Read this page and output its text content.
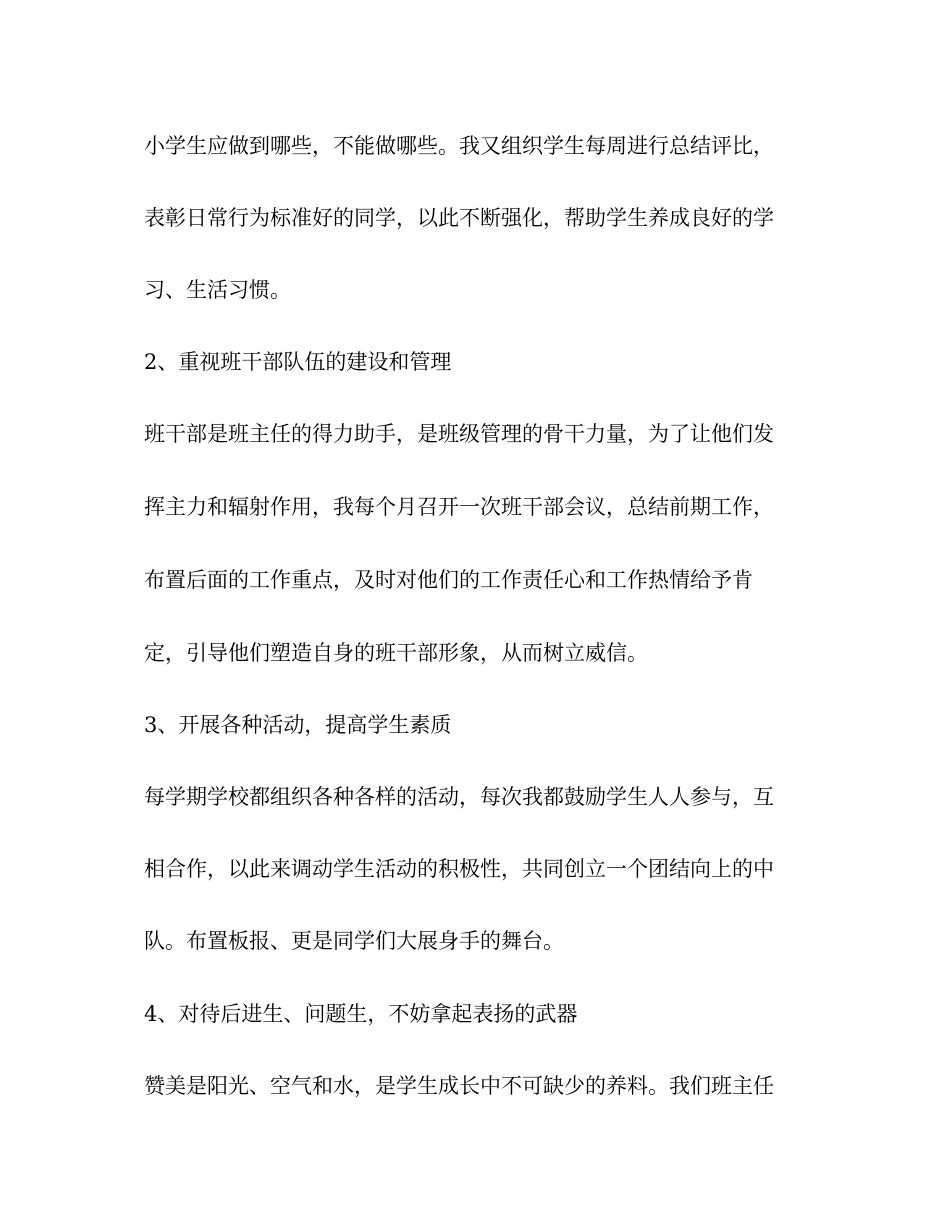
小学生应做到哪些，不能做哪些。我又组织学生每周进行总结评比，

表彰日常行为标准好的同学，以此不断强化，帮助学生养成良好的学

习、生活习惯。

2、重视班干部队伍的建设和管理

班干部是班主任的得力助手，是班级管理的骨干力量，为了让他们发

挥主力和辐射作用，我每个月召开一次班干部会议，总结前期工作，

布置后面的工作重点，及时对他们的工作责任心和工作热情给予肯

定，引导他们塑造自身的班干部形象，从而树立威信。

3、开展各种活动，提高学生素质

每学期学校都组织各种各样的活动，每次我都鼓励学生人人参与，互

相合作，以此来调动学生活动的积极性，共同创立一个团结向上的中

队。布置板报、更是同学们大展身手的舞台。

4、对待后进生、问题生，不妨拿起表扬的武器

赞美是阳光、空气和水，是学生成长中不可缺少的养料。我们班主任
